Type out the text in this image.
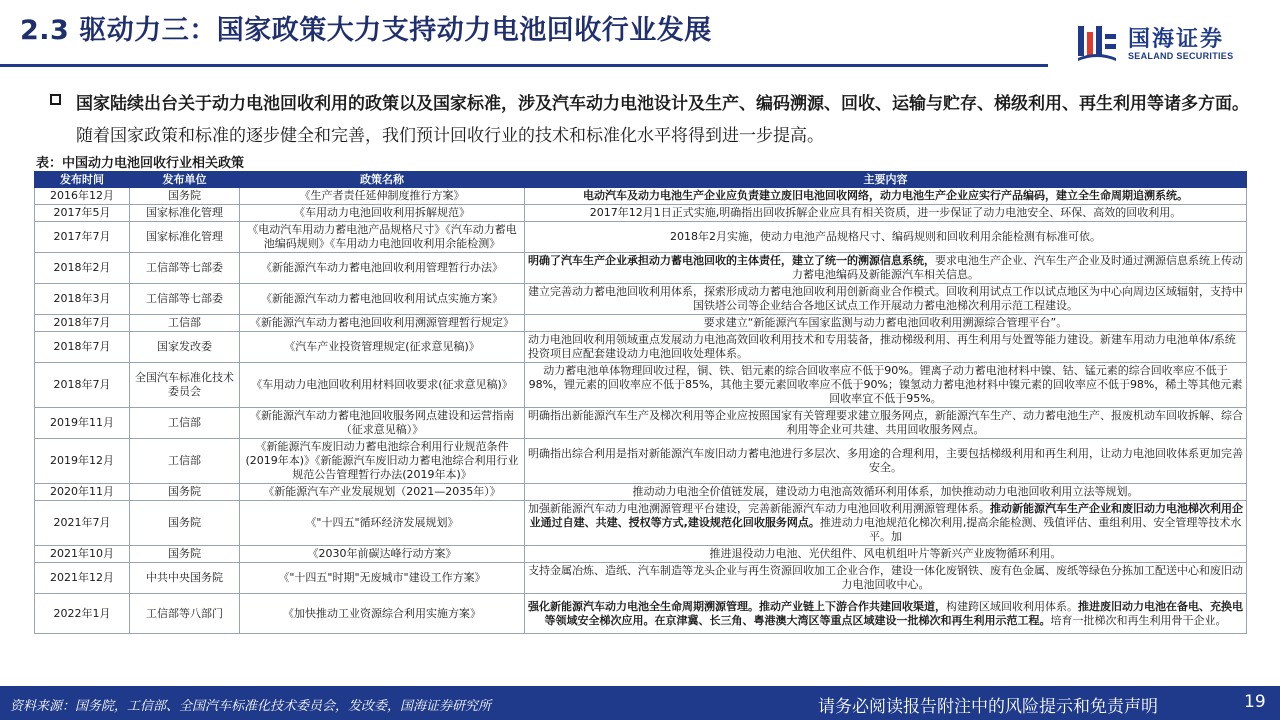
2.3 驱动力三：国家政策大力支持动力电池回收行业发展	国海证券
SEALAND SECURITIES
国家陆续出台关于动力电池回收利用的政策以及国家标准，涉及汽车动力电池设计及生产、编码溯源、回收、运输与贮存、梯级利用、再生利用等诸多方面。随着国家政策和标准的逐步健全和完善，我们预计回收行业的技术和标准化水平将得到进一步提高。
表：中国动力电池回收行业相关政策
发布时间	发布单位	政策名称	主要内容
2016年12月	国务院	《生产者责任延伸制度推行方案》	电动汽车及动力电池生产企业应负责建立废旧电池回收网络，动力电池生产企业应实行产品编码，建立全生命周期追溯系统。
2017年5月	国家标准化管理	《车用动力电池回收利用拆解规范》	2017年12月1日正式实施,明确指出回收拆解企业应具有相关资质，进一步保证了动力电池安全、环保、高效的回收利用。
2017年7月	国家标准化管理	《电动汽车用动力蓄电池产品规格尺寸》《汽车动力蓄电池编码规则》《车用动力电池回收利用余能检测》	2018年2月实施，使动力电池产品规格尺寸、编码规则和回收利用余能检测有标准可依。
2018年2月	工信部等七部委	《新能源汽车动力蓄电池回收利用管理暂行办法》	明确了汽车生产企业承担动力蓄电池回收的主体责任，建立了统一的溯源信息系统，要求电池生产企业、汽车生产企业及时通过溯源信息系统上传动力蓄电池编码及新能源汽车相关信息。
2018年3月	工信部等七部委	《新能源汽车动力蓄电池回收利用试点实施方案》	建立完善动力蓄电池回收利用体系，探索形成动力蓄电池回收利用创新商业合作模式。回收利用试点工作以试点地区为中心向周边区域辐射，支持中国铁塔公司等企业结合各地区试点工作开展动力蓄电池梯次利用示范工程建设。
2018年7月	工信部	《新能源汽车动力蓄电池回收利用溯源管理暂行规定》	要求建立“新能源汽车国家监测与动力蓄电池回收利用溯源综合管理平台”。
2018年7月	国家发改委	《汽车产业投资管理规定(征求意见稿)》	动力电池回收利用领域重点发展动力电池高效回收利用技术和专用装备，推动梯级利用、再生利用与处置等能力建设。新建车用动力电池单体/系统投资项目应配套建设动力电池回收处理体系。
2018年7月	全国汽车标准化技术委员会	《车用动力电池回收利用材料回收要求(征求意见稿)》	动力蓄电池单体物理回收过程，铜、铁、铝元素的综合回收率应不低于90%。锂离子动力蓄电池材料中镍、钴、锰元素的综合回收率应不低于98%，锂元素的回收率应不低于85%，其他主要元素回收率应不低于90%；镍氢动力蓄电池材料中镍元素的回收率应不低于98%，稀土等其他元素回收率宜不低于95%。
2019年11月	工信部	《新能源汽车动力蓄电池回收服务网点建设和运营指南（征求意见稿）》	明确指出新能源汽车生产及梯次利用等企业应按照国家有关管理要求建立服务网点，新能源汽车生产、动力蓄电池生产、报废机动车回收拆解、综合利用等企业可共建、共用回收服务网点。
2019年12月	工信部	《新能源汽车废旧动力蓄电池综合利用行业规范条件(2019年本)》《新能源汽车废旧动力蓄电池综合利用行业规范公告管理暂行办法(2019年本)》	明确指出综合利用是指对新能源汽车废旧动力蓄电池进行多层次、多用途的合理利用，主要包括梯级利用和再生利用，让动力电池回收体系更加完善安全。
2020年11月	国务院	《新能源汽车产业发展规划（2021—2035年）》	推动动力电池全价值链发展，建设动力电池高效循环利用体系，加快推动动力电池回收利用立法等规划。
2021年7月	国务院	《"十四五"循环经济发展规划》	加强新能源汽车动力电池溯源管理平台建设，完善新能源汽车动力电池回收利用溯源管理体系。推动新能源汽车生产企业和废旧动力电池梯次利用企业通过自建、共建、授权等方式,建设规范化回收服务网点。推进动力电池规范化梯次利用,提高余能检测、残值评估、重组利用、安全管理等技术水平。加
2021年10月	国务院	《2030年前碳达峰行动方案》	推进退役动力电池、光伏组件、风电机组叶片等新兴产业废物循环利用。
2021年12月	中共中央国务院	《"十四五"时期"无废城市"建设工作方案》	支持金属冶炼、造纸、汽车制造等龙头企业与再生资源回收加工企业合作，建设一体化废钢铁、废有色金属、废纸等绿色分拣加工配送中心和废旧动力电池回收中心。
2022年1月	工信部等八部门	《加快推动工业资源综合利用实施方案》	强化新能源汽车动力电池全生命周期溯源管理。推动产业链上下游合作共建回收渠道，构建跨区域回收利用体系。推进废旧动力电池在备电、充换电等领域安全梯次应用。在京津冀、长三角、粤港澳大湾区等重点区域建设一批梯次和再生利用示范工程。培育一批梯次和再生利用骨干企业。
资料来源：国务院，工信部、全国汽车标准化技术委员会，发改委，国海证券研究所	请务必阅读报告附注中的风险提示和免责声明	19
